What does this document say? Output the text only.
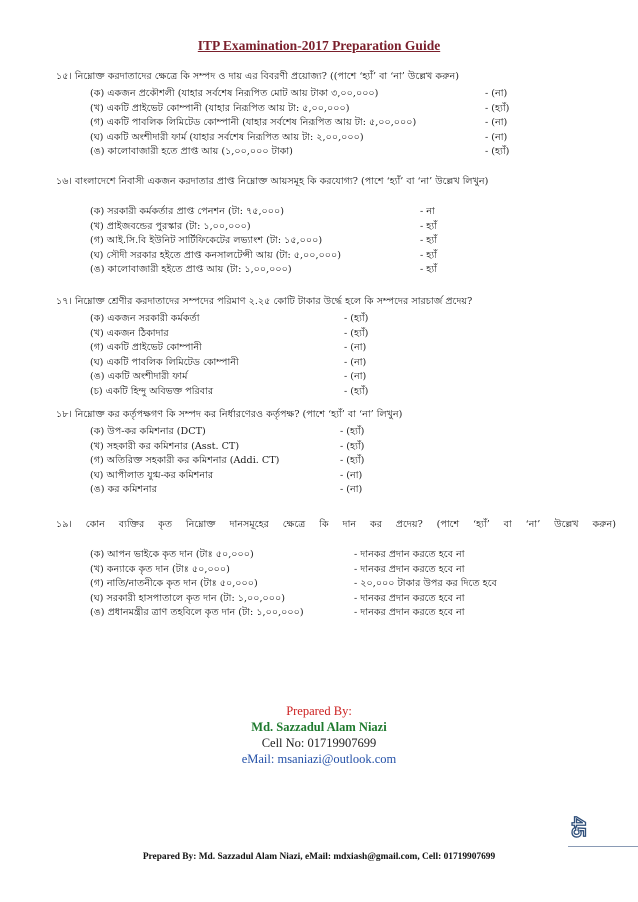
ITP Examination-2017 Preparation Guide
১৫। নিম্নোক্ত করদাতাদের ক্ষেত্রে কি সম্পদ ও দায় এর বিবরণী প্রয়োজ্য? ((পাশে ‘হ্যাঁ’ বা ‘না’ উল্লেখ করুন)
(ক) একজন প্রকৌশলী (যাহার সর্বশেষ নিরূপিত মোট আয় টাকা ৩,০০,০০০)	- (না)
(খ) একটি প্রাইভেট কোম্পানী (যাহার নিরূপিত আয় টা: ৫,০০,০০০)	- (হ্যাঁ)
(গ) একটি পাবলিক লিমিটেড কোম্পানী (যাহার সর্বশেষ নিরূপিত আয় টা: ৫,০০,০০০)	- (না)
(ঘ) একটি অংশীদারী ফার্ম (যাহার সর্বশেষ নিরূপিত আয় টা: ২,০০,০০০)	- (না)
(ঙ) কালোবাজারী হতে প্রাপ্ত আয় (১,০০,০০০ টাকা)	- (হ্যাঁ)
১৬। বাংলাদেশে নিবাসী একজন করদাতার প্রাপ্ত নিম্নোক্ত আয়সমূহ কি করযোগ্য? (পাশে ‘হ্যাঁ’ বা ‘না’ উল্লেখ লিখুন)
(ক) সরকারী কর্মকর্তার প্রাপ্ত পেনশন (টা: ৭৫,০০০)	- না
(খ) প্রাইজবন্ডের পুরস্কার (টা: ১,০০,০০০)	- হ্যাঁ
(গ) আই.সি.বি ইউনিট সার্টিফিকেটের লভ্যাংশ (টা: ১৫,০০০)	- হ্যাঁ
(ঘ) সৌদী সরকার হইতে প্রাপ্ত কনসালটেন্সী আয় (টা: ৫,০০,০০০)	- হ্যাঁ
(ঙ) কালোবাজারী হইতে প্রাপ্ত আয় (টা: ১,০০,০০০)	- হ্যাঁ
১৭। নিম্নোক্ত শ্রেণীর করদাতাদের সম্পদের পরিমাণ ২.২৫ কোটি টাকার উর্দ্ধে হলে কি সম্পদের সারচার্জ প্রদেয়?
(ক) একজন সরকারী কর্মকর্তা	- (হ্যাঁ)
(খ) একজন ঠিকাদার	- (হ্যাঁ)
(গ) একটি প্রাইভেট কোম্পানী	- (না)
(ঘ) একটি পাবলিক লিমিটেড কোম্পানী	- (না)
(ঙ) একটি অংশীদারী ফার্ম	- (না)
(চ) একটি হিন্দু অবিভক্ত পরিবার	- (হ্যাঁ)
১৮। নিম্নোক্ত কর কর্তৃপক্ষগণ কি সম্পদ কর নির্ধারণেরও কর্তৃপক্ষ? (পাশে ‘হ্যাঁ’ বা ‘না’ লিখুন)
(ক) উপ-কর কমিশনার (DCT)	- (হ্যাঁ)
(খ) সহকারী কর কমিশনার (Asst. CT)	- (হ্যাঁ)
(গ) অতিরিক্ত সহকারী কর কমিশনার (Addi. CT)	- (হ্যাঁ)
(ঘ) আপীলাত যুগ্ম-কর কমিশনার	- (না)
(ঙ) কর কমিশনার	- (না)
১৯। কোন ব্যক্তির কৃত নিম্নোক্ত দানসমূহের ক্ষেত্রে কি দান কর প্রদেয়? (পাশে ‘হ্যাঁ’ বা ‘না’ উল্লেখ করুন)
(ক) আপন ভাইকে কৃত দান (টাঃ ৫০,০০০)	- দানকর প্রদান করতে হবে না
(খ) কন্যাকে কৃত দান (টাঃ ৫০,০০০)	- দানকর প্রদান করতে হবে না
(গ) নাতি/নাতনীকে কৃত দান (টাঃ ৫০,০০০)	- ২০,০০০ টাকার উপর কর দিতে হবে
(ঘ) সরকারী হাসপাতালে কৃত দান (টা: ১,০০,০০০)	- দানকর প্রদান করতে হবে না
(ঙ) প্রধানমন্ত্রীর ত্রাণ তহবিলে কৃত দান (টা: ১,০০,০০০)	- দানকর প্রদান করতে হবে না
Prepared By:
Md. Sazzadul Alam Niazi
Cell No: 01719907699
eMail: msaniazi@outlook.com
45
Prepared By: Md. Sazzadul Alam Niazi, eMail: mdxiash@gmail.com, Cell: 01719907699
